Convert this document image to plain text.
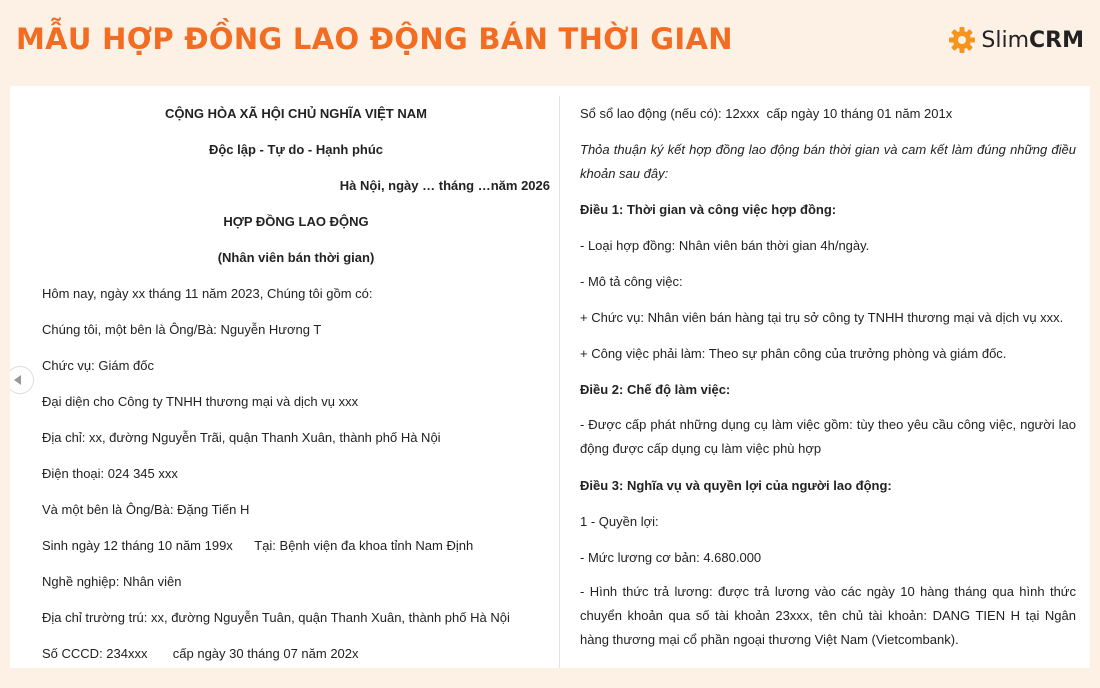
MẪU HỢP ĐỒNG LAO ĐỘNG BÁN THỜI GIAN	SlimCRM
CỘNG HÒA XÃ HỘI CHỦ NGHĨA VIỆT NAM
Độc lập - Tự do - Hạnh phúc
Hà Nội, ngày … tháng …năm 2026
HỢP ĐỒNG LAO ĐỘNG
(Nhân viên bán thời gian)
Hôm nay, ngày xx tháng 11 năm 2023, Chúng tôi gồm có:
Chúng tôi, một bên là Ông/Bà: Nguyễn Hương T
Chức vụ: Giám đốc
Đại diện cho Công ty TNHH thương mại và dịch vụ xxx
Địa chỉ: xx, đường Nguyễn Trãi, quận Thanh Xuân, thành phố Hà Nội
Điện thoại: 024 345 xxx
Và một bên là Ông/Bà: Đặng Tiến H
Sinh ngày 12 tháng 10 năm 199x      Tại: Bệnh viện đa khoa tỉnh Nam Định
Nghề nghiệp: Nhân viên
Địa chỉ trường trú: xx, đường Nguyễn Tuân, quận Thanh Xuân, thành phố Hà Nội
Số CCCD: 234xxx       cấp ngày 30 tháng 07 năm 202x
Sổ sổ lao động (nếu có): 12xxx  cấp ngày 10 tháng 01 năm 201x
Thỏa thuận ký kết hợp đồng lao động bán thời gian và cam kết làm đúng những điều khoản sau đây:
Điều 1: Thời gian và công việc hợp đồng:
- Loại hợp đồng: Nhân viên bán thời gian 4h/ngày.
- Mô tả công việc:
+ Chức vụ: Nhân viên bán hàng tại trụ sở công ty TNHH thương mại và dịch vụ xxx.
+ Công việc phải làm: Theo sự phân công của trưởng phòng và giám đốc.
Điều 2: Chế độ làm việc:
- Được cấp phát những dụng cụ làm việc gồm: tùy theo yêu cầu công việc, người lao động được cấp dụng cụ làm việc phù hợp
Điều 3: Nghĩa vụ và quyền lợi của người lao động:
1 - Quyền lợi:
- Mức lương cơ bản: 4.680.000
- Hình thức trả lương: được trả lương vào các ngày 10 hàng tháng qua hình thức chuyển khoản qua số tài khoản 23xxx, tên chủ tài khoản: DANG TIEN H tại Ngân hàng thương mại cổ phần ngoại thương Việt Nam (Vietcombank).
